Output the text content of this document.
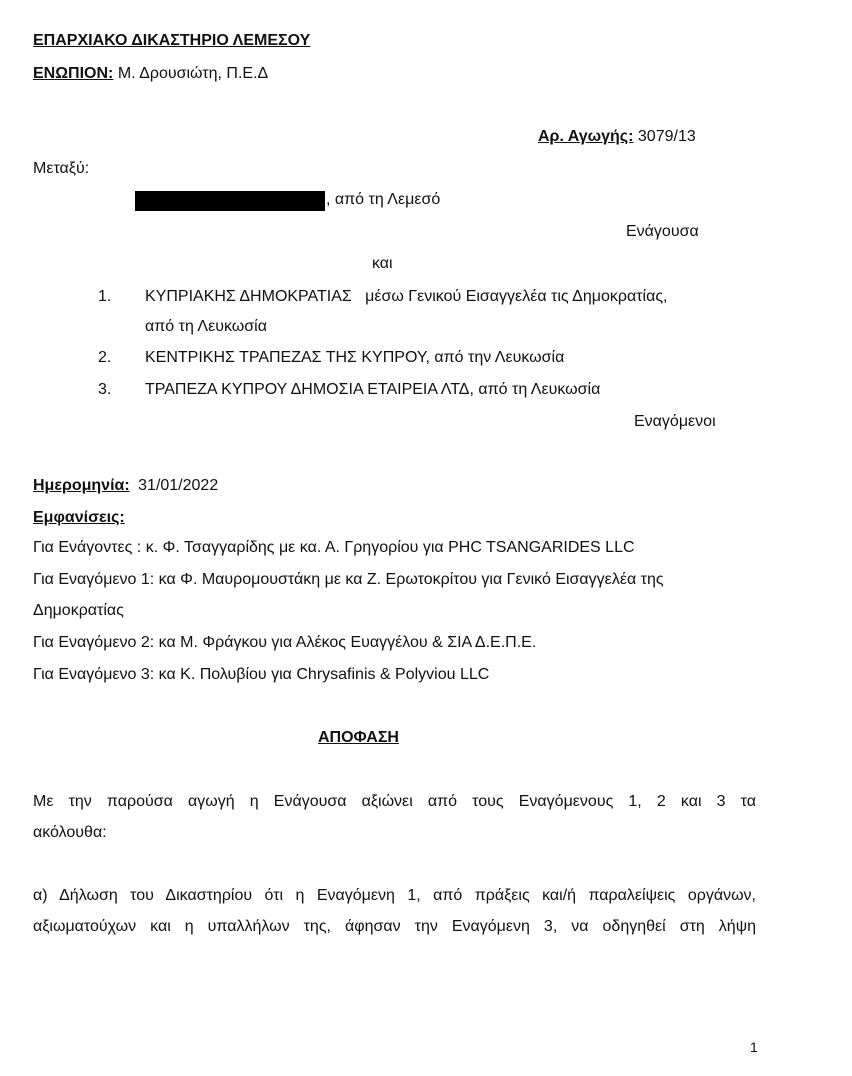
ΕΠΑΡΧΙΑΚΟ ΔΙΚΑΣΤΗΡΙΟ ΛΕΜΕΣΟΥ
ΕΝΩΠΙΟΝ: Μ. Δρουσιώτη, Π.Ε.Δ
Αρ. Αγωγής: 3079/13
Μεταξύ:
, από τη Λεμεσό
Ενάγουσα
και
1. ΚΥΠΡΙΑΚΗΣ ΔΗΜΟΚΡΑΤΙΑΣ   μέσω Γενικού Εισαγγελέα τις Δημοκρατίας,
από τη Λευκωσία
2. ΚΕΝΤΡΙΚΗΣ ΤΡΑΠΕΖΑΣ ΤΗΣ ΚΥΠΡΟΥ, από την Λευκωσία
3. ΤΡΑΠΕΖΑ ΚΥΠΡΟΥ ΔΗΜΟΣΙΑ ΕΤΑΙΡΕΙΑ ΛΤΔ, από τη Λευκωσία
Εναγόμενοι
Ημερομηνία: 31/01/2022
Εμφανίσεις:
Για Ενάγοντες : κ. Φ. Τσαγγαρίδης με κα. Α. Γρηγορίου για PHC TSANGARIDES LLC
Για Εναγόμενο 1: κα Φ. Μαυρομουστάκη με κα Ζ. Ερωτοκρίτου για Γενικό Εισαγγελέα της
Δημοκρατίας
Για Εναγόμενο 2: κα Μ. Φράγκου για Αλέκος Ευαγγέλου & ΣΙΑ Δ.Ε.Π.Ε.
Για Εναγόμενο 3: κα Κ. Πολυβίου για Chrysafinis & Polyviou LLC
ΑΠΟΦΑΣΗ
Με την παρούσα αγωγή η Ενάγουσα αξιώνει από τους Εναγόμενους 1, 2 και 3 τα
ακόλουθα:
α) Δήλωση του Δικαστηρίου ότι η Εναγόμενη 1, από πράξεις και/ή παραλείψεις οργάνων,
αξιωματούχων και η υπαλλήλων της, άφησαν την Εναγόμενη 3, να οδηγηθεί στη λήψη
1
